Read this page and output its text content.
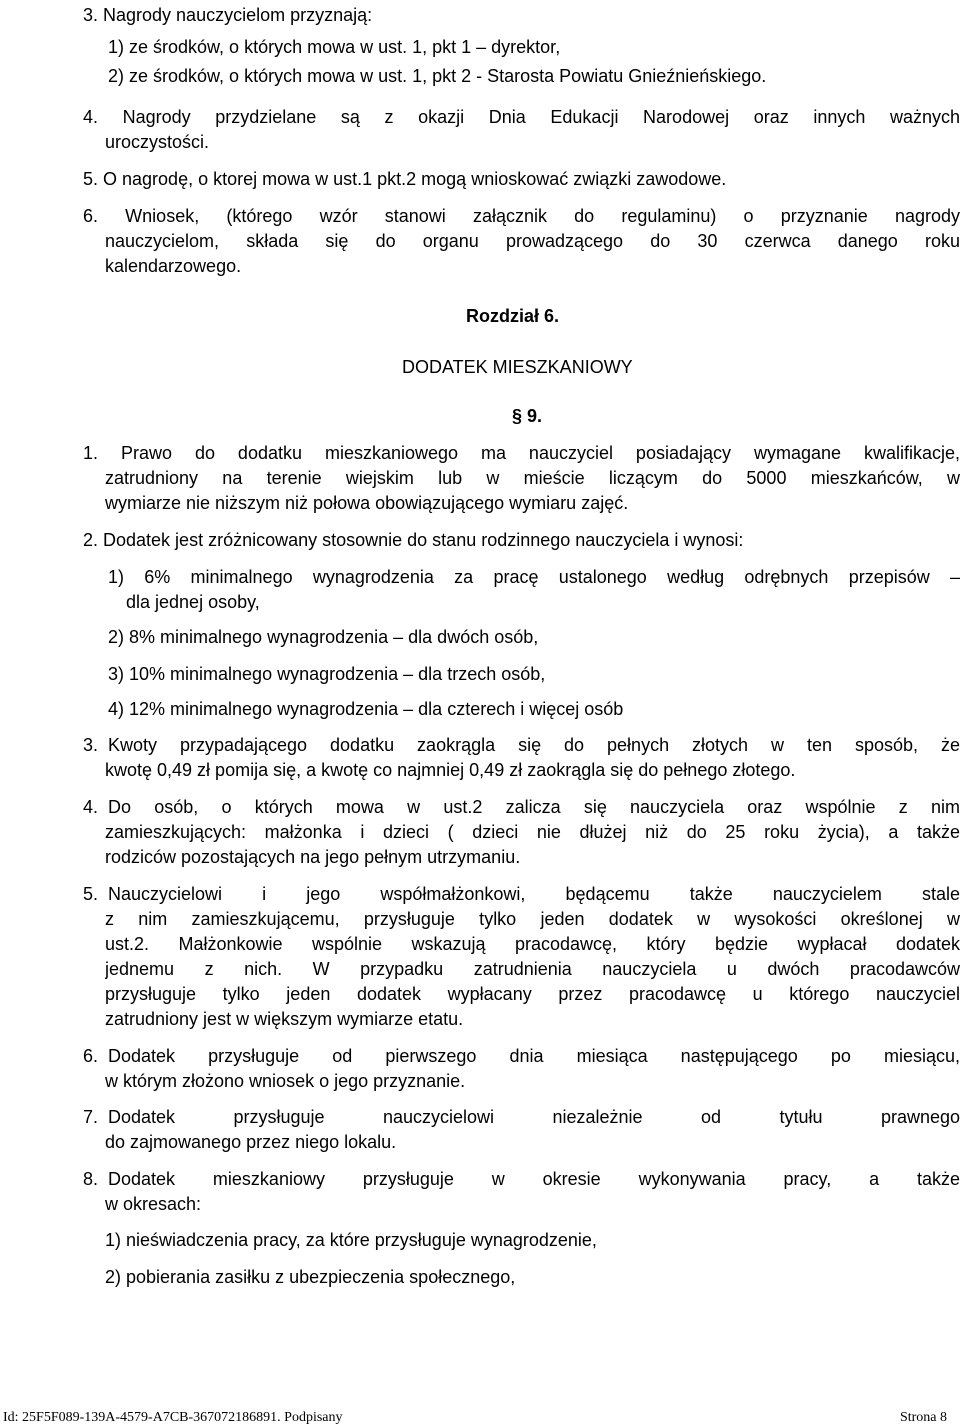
3. Nagrody nauczycielom przyznają:
1) ze środków, o których mowa w ust. 1, pkt 1 – dyrektor,
2) ze środków, o których mowa w ust. 1, pkt 2 - Starosta Powiatu Gnieźnieńskiego.
4. Nagrody przydzielane są z okazji Dnia Edukacji Narodowej oraz innych ważnych
uroczystości.
5. O nagrodę, o ktorej mowa w ust.1 pkt.2 mogą wnioskować związki zawodowe.
6. Wniosek, (którego wzór stanowi załącznik do regulaminu) o przyznanie nagrody
nauczycielom, składa się do organu prowadzącego do 30 czerwca danego roku
kalendarzowego.
Rozdział 6.
DODATEK MIESZKANIOWY
§ 9.
1. Prawo do dodatku mieszkaniowego ma nauczyciel posiadający wymagane kwalifikacje,
zatrudniony na terenie wiejskim lub w mieście liczącym do 5000 mieszkańców, w
wymiarze nie niższym niż połowa obowiązującego wymiaru zajęć.
2. Dodatek jest zróżnicowany stosownie do stanu rodzinnego nauczyciela i wynosi:
1) 6% minimalnego wynagrodzenia za pracę ustalonego według odrębnych przepisów –
dla jednej osoby,
2) 8% minimalnego wynagrodzenia – dla dwóch osób,
3) 10% minimalnego wynagrodzenia – dla trzech osób,
4) 12% minimalnego wynagrodzenia – dla czterech i więcej osób
3. Kwoty przypadającego dodatku zaokrągla się do pełnych złotych w ten sposób, że
kwotę 0,49 zł pomija się, a kwotę co najmniej 0,49 zł zaokrągla się do pełnego złotego.
4. Do osób, o których mowa w ust.2 zalicza się nauczyciela oraz wspólnie z nim
zamieszkujących: małżonka i dzieci ( dzieci nie dłużej niż do 25 roku życia), a także
rodziców pozostających na jego pełnym utrzymaniu.
5. Nauczycielowi i jego współmałżonkowi, będącemu także nauczycielem stale
z nim zamieszkującemu, przysługuje tylko jeden dodatek w wysokości określonej w
ust.2. Małżonkowie wspólnie wskazują pracodawcę, który będzie wypłacał dodatek
jednemu z nich. W przypadku zatrudnienia nauczyciela u dwóch pracodawców
przysługuje tylko jeden dodatek wypłacany przez pracodawcę u którego nauczyciel
zatrudniony jest w większym wymiarze etatu.
6. Dodatek przysługuje od pierwszego dnia miesiąca następującego po miesiącu,
w którym złożono wniosek o jego przyznanie.
7. Dodatek przysługuje nauczycielowi niezależnie od tytułu prawnego
do zajmowanego przez niego lokalu.
8. Dodatek mieszkaniowy przysługuje w okresie wykonywania pracy, a także
w okresach:
1) nieświadczenia pracy, za które przysługuje wynagrodzenie,
2) pobierania zasiłku z ubezpieczenia społecznego,
Id: 25F5F089-139A-4579-A7CB-367072186891. Podpisany	Strona 8
